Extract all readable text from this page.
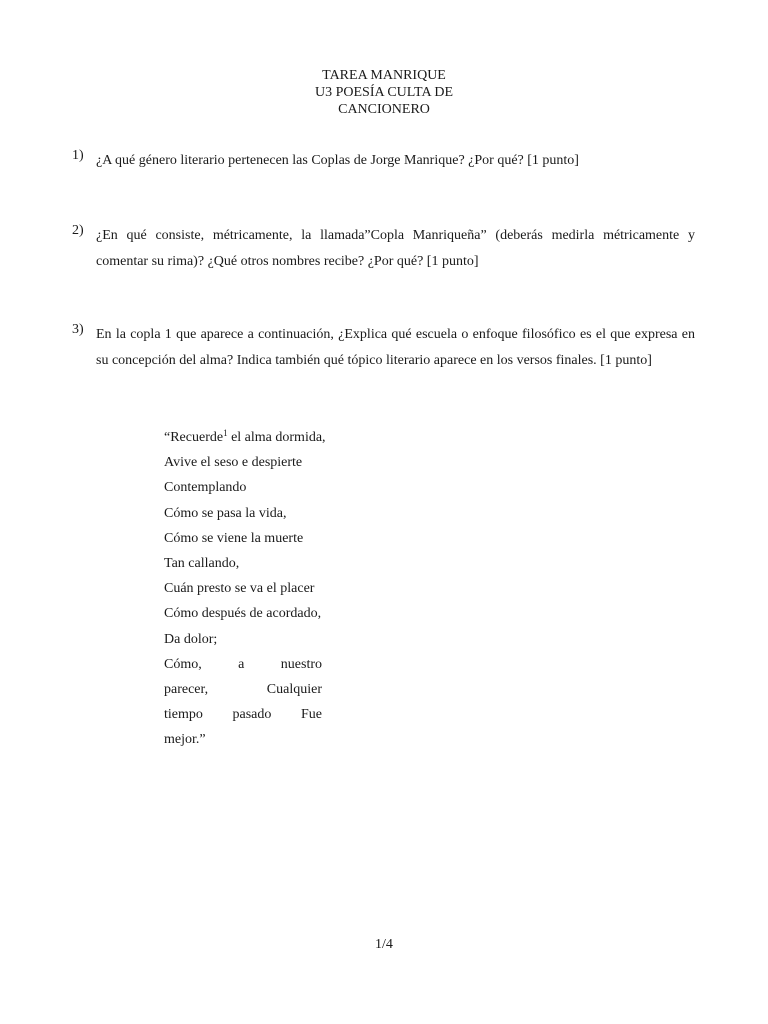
TAREA MANRIQUE
U3 POESÍA CULTA DE
CANCIONERO
1) ¿A qué género literario pertenecen las Coplas de Jorge Manrique? ¿Por qué? [1 punto]
2) ¿En qué consiste, métricamente, la llamada”Copla Manriqueña” (deberás medirla métricamente y comentar su rima)? ¿Qué otros nombres recibe? ¿Por qué? [1 punto]
3) En la copla 1 que aparece a continuación, ¿Explica qué escuela o enfoque filosófico es el que expresa en su concepción del alma? Indica también qué tópico literario aparece en los versos finales. [1 punto]
“Recuerde$^1$ el alma dormida,
Avive el seso e despierte
Contemplando
Cómo se pasa la vida,
Cómo se viene la muerte
Tan callando,
Cuán presto se va el placer
Cómo después de acordado,
Da dolor;
Cómo, a nuestro
parecer, Cualquier
tiempo pasado Fue
mejor.”
1/4
